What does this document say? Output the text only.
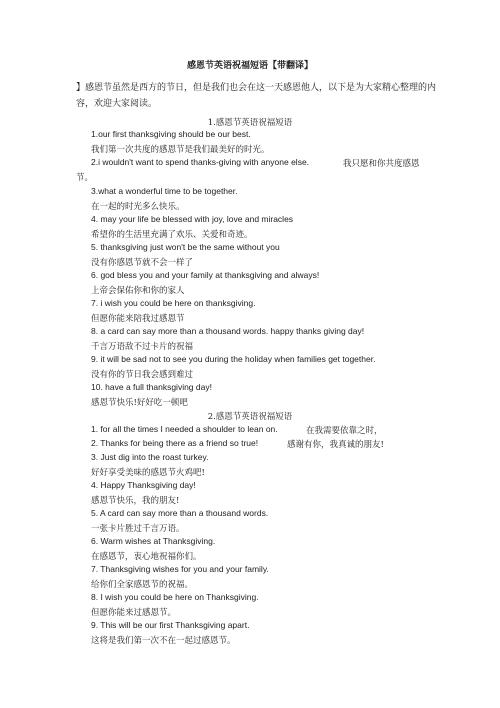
感恩节英语祝福短语【带翻译】
】感恩节虽然是西方的节日，但是我们也会在这一天感恩他人，以下是为大家精心整理的内容，欢迎大家阅读。
1.感恩节英语祝福短语
1.our first thanksgiving should be our best.
我们第一次共度的感恩节是我们最美好的时光。
2.i wouldn't want to spend thanks-giving with anyone else.	我只愿和你共度感恩
节。
3.what a wonderful time to be together.
在一起的时光多么快乐。
4. may your life be blessed with joy, love and miracles
希望你的生活里充满了欢乐、关爱和奇迹。
5. thanksgiving just won't be the same without you
没有你感恩节就不会一样了
6. god bless you and your family at thanksgiving and always!
上帝会保佑你和你的家人
7. i wish you could be here on thanksgiving.
但愿你能来陪我过感恩节
8. a card can say more than a thousand words. happy thanks giving day!
千言万语敌不过卡片的祝福
9. it will be sad not to see you during the holiday when families get together.
没有你的节日我会感到难过
10. have a full thanksgiving day!
感恩节快乐!好好吃一顿吧
2.感恩节英语祝福短语
1. for all the times I needed a shoulder to lean on.	在我需要依靠之时，
2. Thanks for being there as a friend so true!	感谢有你，我真诚的朋友!
3. Just dig into the roast turkey.
好好享受美味的感恩节火鸡吧!
4. Happy Thanksgiving day!
感恩节快乐，我的朋友!
5. A card can say more than a thousand words.
一张卡片胜过千言万语。
6. Warm wishes at Thanksgiving.
在感恩节，衷心地祝福你们。
7. Thanksgiving wishes for you and your family.
给你们全家感恩节的祝福。
8. I wish you could be here on Thanksgiving.
但愿你能来过感恩节。
9. This will be our first Thanksgiving apart.
这将是我们第一次不在一起过感恩节。
